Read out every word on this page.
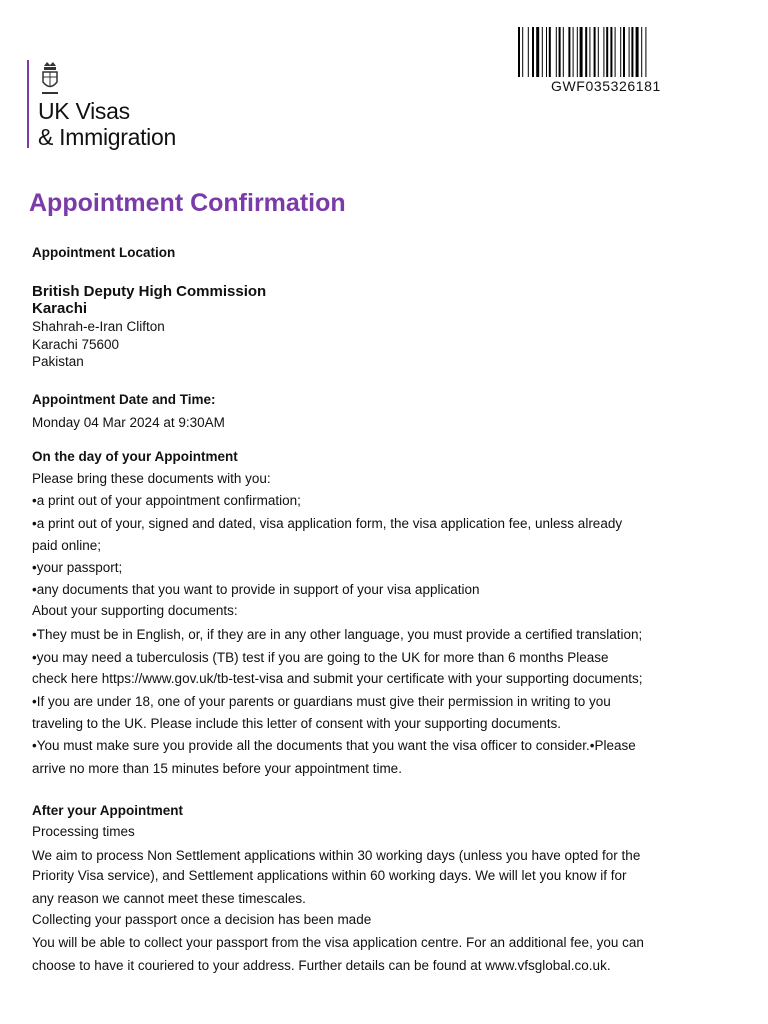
UK Visas
& Immigration
GWF035326181
Appointment Confirmation
Appointment Location
British Deputy High Commission
Karachi
Shahrah-e-Iran Clifton
Karachi 75600
Pakistan
Appointment Date and Time:
Monday 04 Mar 2024 at 9:30AM
On the day of your Appointment
Please bring these documents with you:
•a print out of your appointment confirmation;
•a print out of your, signed and dated, visa application form, the visa application fee, unless already
paid online;
•your passport;
•any documents that you want to provide in support of your visa application
About your supporting documents:
•They must be in English, or, if they are in any other language, you must provide a certified translation;
•you may need a tuberculosis (TB) test if you are going to the UK for more than 6 months Please
check here https://www.gov.uk/tb-test-visa and submit your certificate with your supporting documents;
•If you are under 18, one of your parents or guardians must give their permission in writing to you
traveling to the UK. Please include this letter of consent with your supporting documents.
•You must make sure you provide all the documents that you want the visa officer to consider.•Please
arrive no more than 15 minutes before your appointment time.
After your Appointment
Processing times
We aim to process Non Settlement applications within 30 working days (unless you have opted for the
Priority Visa service), and Settlement applications within 60 working days. We will let you know if for
any reason we cannot meet these timescales.
Collecting your passport once a decision has been made
You will be able to collect your passport from the visa application centre. For an additional fee, you can
choose to have it couriered to your address. Further details can be found at www.vfsglobal.co.uk.
